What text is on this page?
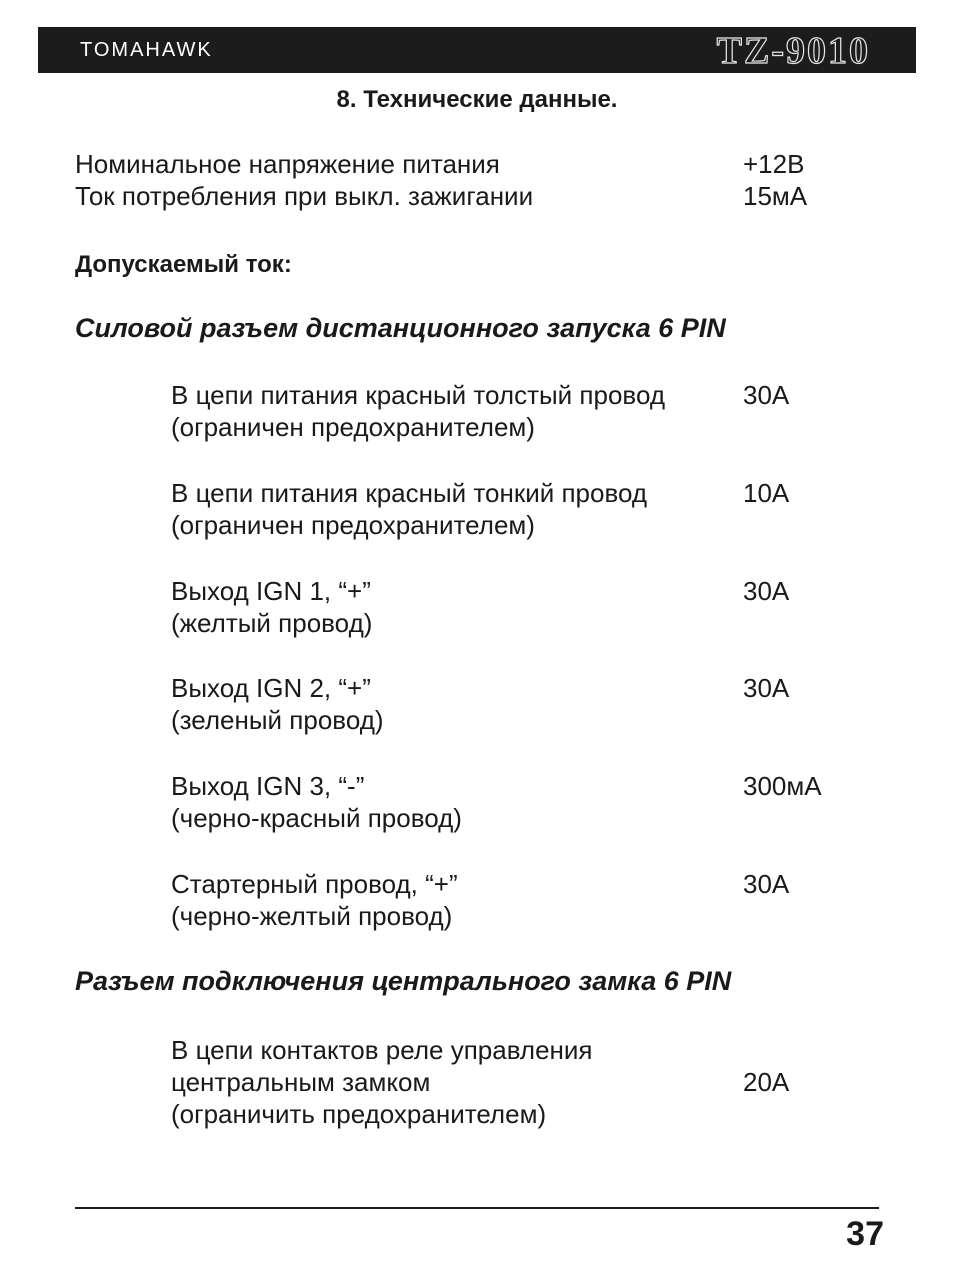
TOMAHAWK	TZ-9010
8. Технические данные.
Номинальное напряжение питания	+12В
Ток потребления при выкл. зажигании	15мА
Допускаемый ток:
Силовой разъем дистанционного запуска 6 PIN
В цепи питания красный толстый провод
(ограничен предохранителем)
30А
В цепи питания красный тонкий провод
(ограничен предохранителем)
10А
Выход IGN 1, “+”
(желтый провод)
30А
Выход IGN 2, “+”
(зеленый провод)
30А
Выход IGN 3, “-”
(черно-красный провод)
300мА
Стартерный провод, “+”
(черно-желтый провод)
30А
Разъем подключения центрального замка 6 PIN
В цепи контактов реле управления
центральным замком
(ограничить предохранителем)
20А
37
